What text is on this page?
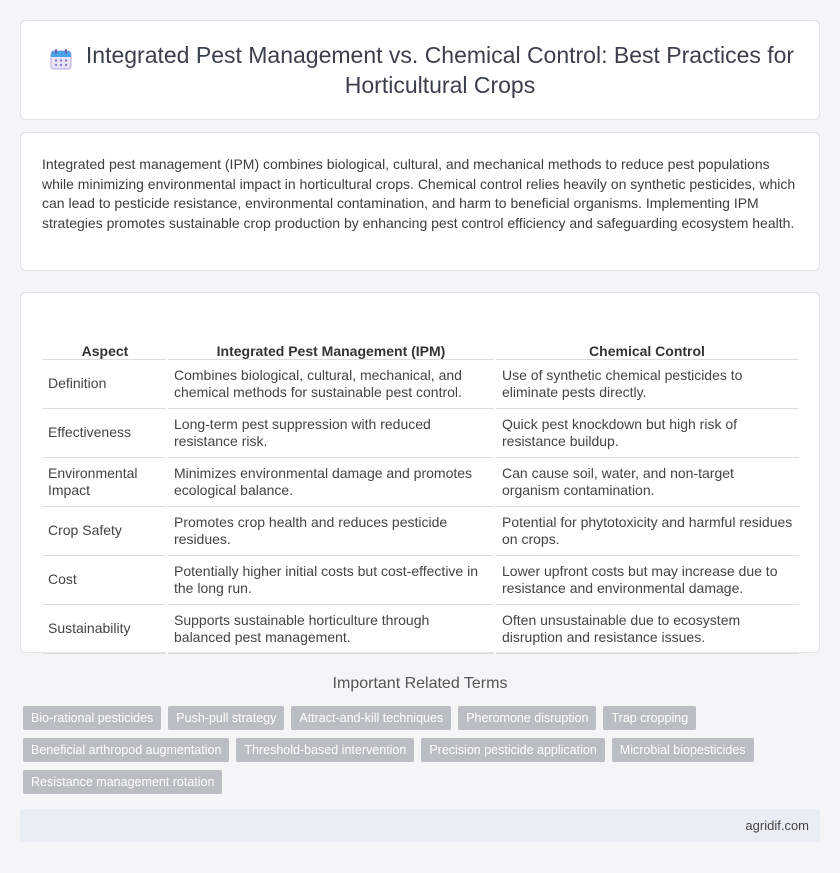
Integrated Pest Management vs. Chemical Control: Best Practices for Horticultural Crops

Integrated pest management (IPM) combines biological, cultural, and mechanical methods to reduce pest populations while minimizing environmental impact in horticultural crops. Chemical control relies heavily on synthetic pesticides, which can lead to pesticide resistance, environmental contamination, and harm to beneficial organisms. Implementing IPM strategies promotes sustainable crop production by enhancing pest control efficiency and safeguarding ecosystem health.

Aspect	Integrated Pest Management (IPM)	Chemical Control
Definition	Combines biological, cultural, mechanical, and chemical methods for sustainable pest control.	Use of synthetic chemical pesticides to eliminate pests directly.
Effectiveness	Long-term pest suppression with reduced resistance risk.	Quick pest knockdown but high risk of resistance buildup.
Environmental Impact	Minimizes environmental damage and promotes ecological balance.	Can cause soil, water, and non-target organism contamination.
Crop Safety	Promotes crop health and reduces pesticide residues.	Potential for phytotoxicity and harmful residues on crops.
Cost	Potentially higher initial costs but cost-effective in the long run.	Lower upfront costs but may increase due to resistance and environmental damage.
Sustainability	Supports sustainable horticulture through balanced pest management.	Often unsustainable due to ecosystem disruption and resistance issues.
Important Related Terms
Bio-rational pesticides	Push-pull strategy	Attract-and-kill techniques	Pheromone disruption	Trap cropping
Beneficial arthropod augmentation	Threshold-based intervention	Precision pesticide application	Microbial biopesticides
Resistance management rotation
agridif.com
